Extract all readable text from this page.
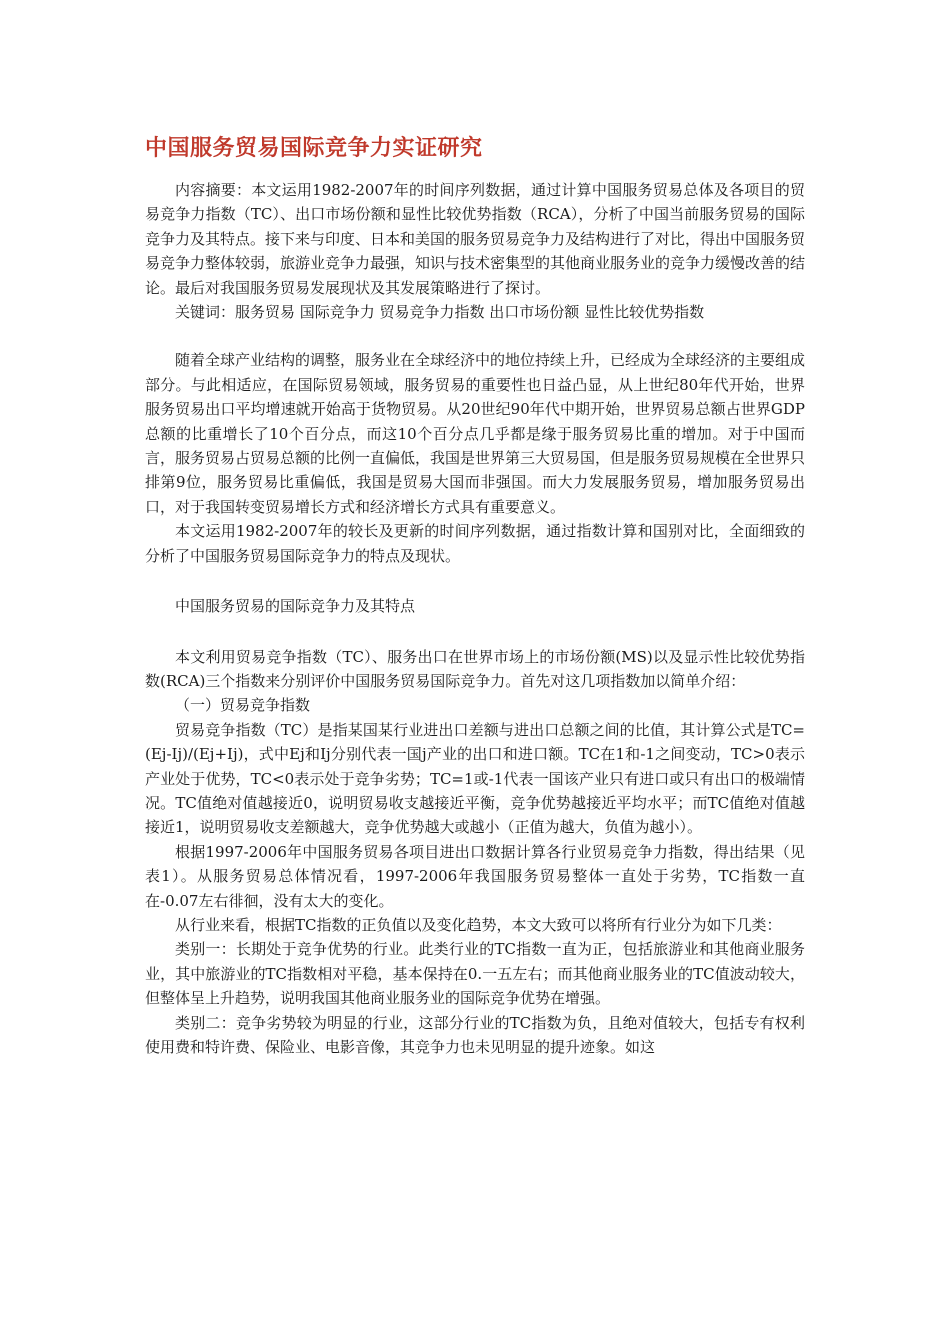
中国服务贸易国际竞争力实证研究

内容摘要：本文运用1982-2007年的时间序列数据，通过计算中国服务贸易总体及各项目的贸易竞争力指数（TC）、出口市场份额和显性比较优势指数（RCA），分析了中国当前服务贸易的国际竞争力及其特点。接下来与印度、日本和美国的服务贸易竞争力及结构进行了对比，得出中国服务贸易竞争力整体较弱，旅游业竞争力最强，知识与技术密集型的其他商业服务业的竞争力缓慢改善的结论。最后对我国服务贸易发展现状及其发展策略进行了探讨。

关键词：服务贸易 国际竞争力 贸易竞争力指数 出口市场份额 显性比较优势指数

随着全球产业结构的调整，服务业在全球经济中的地位持续上升，已经成为全球经济的主要组成部分。与此相适应，在国际贸易领域，服务贸易的重要性也日益凸显，从上世纪80年代开始，世界服务贸易出口平均增速就开始高于货物贸易。从20世纪90年代中期开始，世界贸易总额占世界GDP总额的比重增长了10个百分点，而这10个百分点几乎都是缘于服务贸易比重的增加。对于中国而言，服务贸易占贸易总额的比例一直偏低，我国是世界第三大贸易国，但是服务贸易规模在全世界只排第9位，服务贸易比重偏低，我国是贸易大国而非强国。而大力发展服务贸易，增加服务贸易出口，对于我国转变贸易增长方式和经济增长方式具有重要意义。

本文运用1982-2007年的较长及更新的时间序列数据，通过指数计算和国别对比，全面细致的分析了中国服务贸易国际竞争力的特点及现状。

中国服务贸易的国际竞争力及其特点

本文利用贸易竞争指数（TC）、服务出口在世界市场上的市场份额(MS)以及显示性比较优势指数(RCA)三个指数来分别评价中国服务贸易国际竞争力。首先对这几项指数加以简单介绍：

（一）贸易竞争指数

贸易竞争指数（TC）是指某国某行业进出口差额与进出口总额之间的比值，其计算公式是TC=(Ej-Ij)/(Ej+Ij)，式中Ej和Ij分别代表一国j产业的出口和进口额。TC在1和-1之间变动，TC>0表示产业处于优势，TC<0表示处于竞争劣势；TC=1或-1代表一国该产业只有进口或只有出口的极端情况。TC值绝对值越接近0，说明贸易收支越接近平衡，竞争优势越接近平均水平；而TC值绝对值越接近1，说明贸易收支差额越大，竞争优势越大或越小（正值为越大，负值为越小）。

根据1997-2006年中国服务贸易各项目进出口数据计算各行业贸易竞争力指数，得出结果（见表1）。从服务贸易总体情况看，1997-2006年我国服务贸易整体一直处于劣势，TC指数一直在-0.07左右徘徊，没有太大的变化。

从行业来看，根据TC指数的正负值以及变化趋势，本文大致可以将所有行业分为如下几类：

类别一：长期处于竞争优势的行业。此类行业的TC指数一直为正，包括旅游业和其他商业服务业，其中旅游业的TC指数相对平稳，基本保持在0.一五左右；而其他商业服务业的TC值波动较大，但整体呈上升趋势，说明我国其他商业服务业的国际竞争优势在增强。

类别二：竞争劣势较为明显的行业，这部分行业的TC指数为负，且绝对值较大，包括专有权利使用费和特许费、保险业、电影音像，其竞争力也未见明显的提升迹象。如这
